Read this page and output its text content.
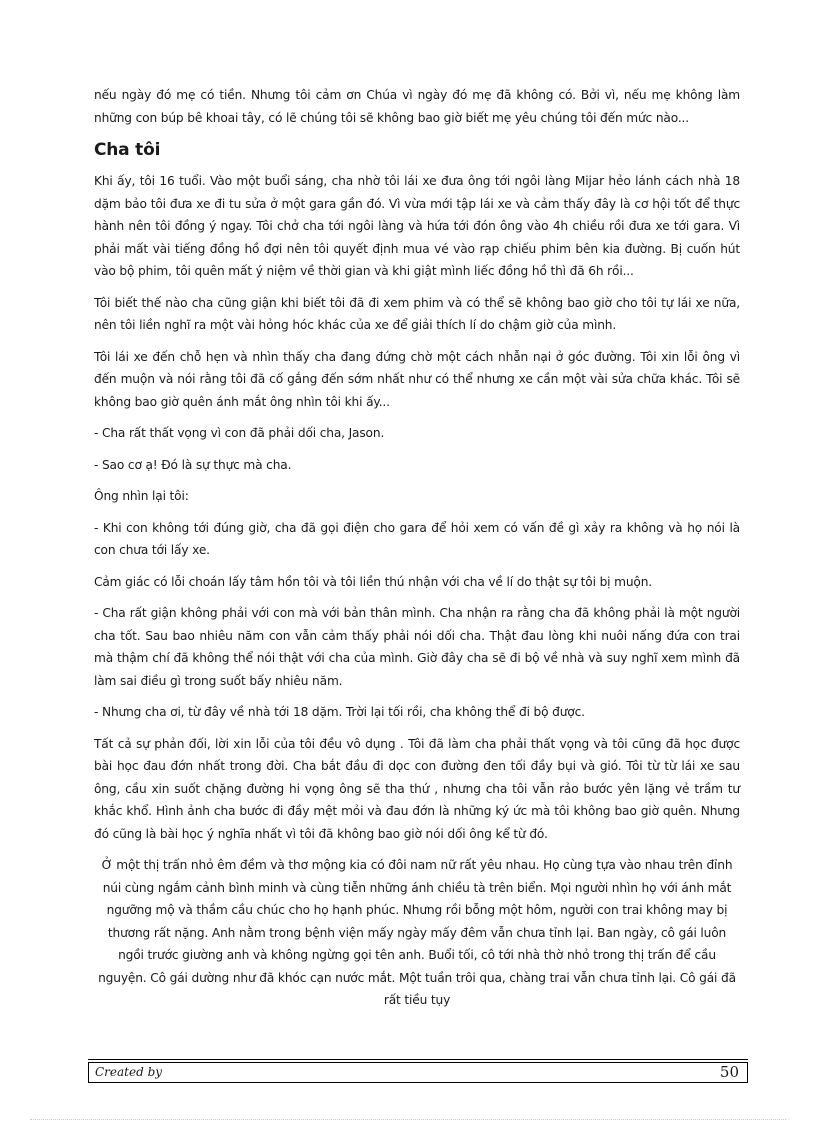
nếu ngày đó mẹ có tiền. Nhưng tôi cảm ơn Chúa vì ngày đó mẹ đã không có. Bởi vì, nếu mẹ không làm những con búp bê khoai tây, có lẽ chúng tôi sẽ không bao giờ biết mẹ yêu chúng tôi đến mức nào...

Cha tôi

Khi ấy, tôi 16 tuổi. Vào một buổi sáng, cha nhờ tôi lái xe đưa ông tới ngôi làng Mijar hẻo lánh cách nhà 18 dặm bảo tôi đưa xe đi tu sửa ở một gara gần đó. Vì vừa mới tập lái xe và cảm thấy đây là cơ hội tốt để thực hành nên tôi đồng ý ngay. Tôi chở cha tới ngôi làng và hứa tới đón ông vào 4h chiều rồi đưa xe tới gara. Vì phải mất vài tiếng đồng hồ đợi nên tôi quyết định mua vé vào rạp chiếu phim bên kia đường. Bị cuốn hút vào bộ phim, tôi quên mất ý niệm về thời gian và khi giật mình liếc đồng hồ thì đã 6h rồi...

Tôi biết thế nào cha cũng giận khi biết tôi đã đi xem phim và có thể sẽ không bao giờ cho tôi tự lái xe nữa, nên tôi liền nghĩ ra một vài hỏng hóc khác của xe để giải thích lí do chậm giờ của mình.

Tôi lái xe đến chỗ hẹn và nhìn thấy cha đang đứng chờ một cách nhẫn nại ở góc đường. Tôi xin lỗi ông vì đến muộn và nói rằng tôi đã cố gắng đến sớm nhất như có thể nhưng xe cần một vài sửa chữa khác. Tôi sẽ không bao giờ quên ánh mắt ông nhìn tôi khi ấy...

- Cha rất thất vọng vì con đã phải dối cha, Jason.

- Sao cơ ạ! Đó là sự thực mà cha.

Ông nhìn lại tôi:

- Khi con không tới đúng giờ, cha đã gọi điện cho gara để hỏi xem có vấn đề gì xảy ra không và họ nói là con chưa tới lấy xe.

Cảm giác có lỗi choán lấy tâm hồn tôi và tôi liền thú nhận với cha về lí do thật sự tôi bị muộn.

- Cha rất giận không phải với con mà với bản thân mình. Cha nhận ra rằng cha đã không phải là một người cha tốt. Sau bao nhiêu năm con vẫn cảm thấy phải nói dối cha. Thật đau lòng khi nuôi nấng đứa con trai mà thậm chí đã không thể nói thật với cha của mình. Giờ đây cha sẽ đi bộ về nhà và suy nghĩ xem mình đã làm sai điều gì trong suốt bấy nhiêu năm.

- Nhưng cha ơi, từ đây về nhà tới 18 dặm. Trời lại tối rồi, cha không thể đi bộ được.

Tất cả sự phản đối, lời xin lỗi của tôi đều vô dụng . Tôi đã làm cha phải thất vọng và tôi cũng đã học được bài học đau đớn nhất trong đời. Cha bắt đầu đi dọc con đường đen tối đầy bụi và gió. Tôi từ từ lái xe sau ông, cầu xin suốt chặng đường hi vọng ông sẽ tha thứ , nhưng cha tôi vẫn rảo bước yên lặng vẻ trầm tư khắc khổ. Hình ảnh cha bước đi đầy mệt mỏi và đau đớn là những ký ức mà tôi không bao giờ quên. Nhưng đó cũng là bài học ý nghĩa nhất vì tôi đã không bao giờ nói dối ông kể từ đó.

Ở một thị trấn nhỏ êm đềm và thơ mộng kia có đôi nam nữ rất yêu nhau. Họ cùng tựa vào nhau trên đỉnh núi cùng ngắm cảnh bình minh và cùng tiễn những ánh chiều tà trên biển. Mọi người nhìn họ với ánh mắt ngưỡng mộ và thầm cầu chúc cho họ hạnh phúc. Nhưng rồi bỗng một hôm, người con trai không may bị thương rất nặng. Anh nằm trong bệnh viện mấy ngày mấy đêm vẫn chưa tỉnh lại. Ban ngày, cô gái luôn ngồi trước giường anh và không ngừng gọi tên anh. Buổi tối, cô tới nhà thờ nhỏ trong thị trấn để cầu nguyện. Cô gái dường như đã khóc cạn nước mắt. Một tuần trôi qua, chàng trai vẫn chưa tỉnh lại. Cô gái đã rất tiều tụy

Created by	50
